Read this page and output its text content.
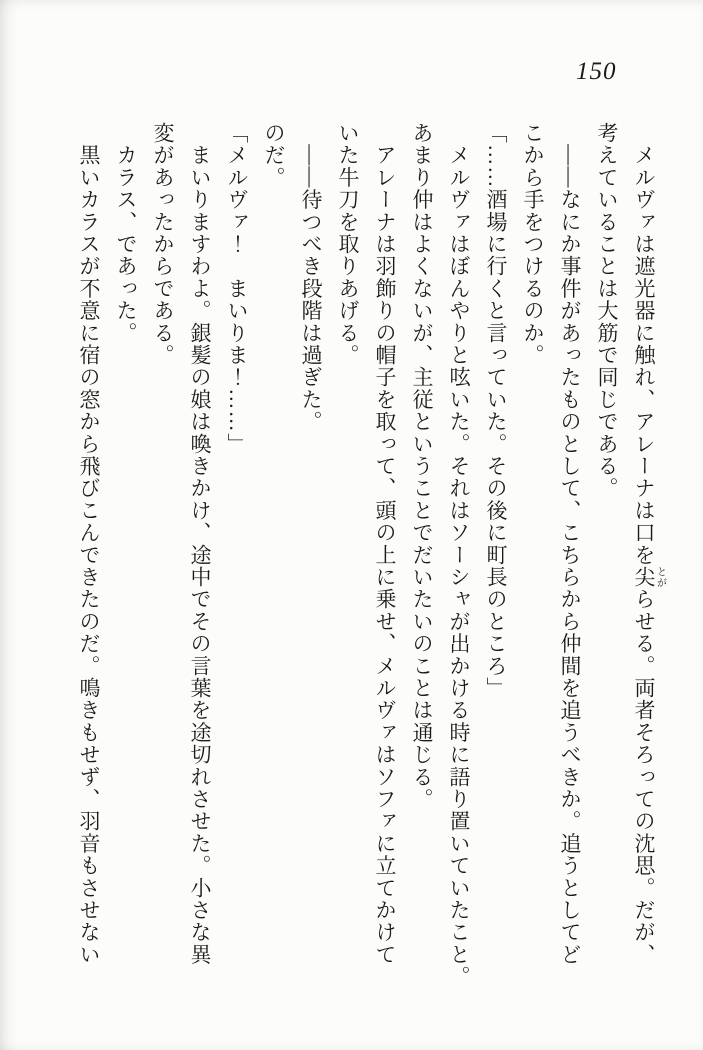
150
　メルヴァは遮光器に触れ、アレーナは口を尖とがらせる。両者そろっての沈思。だが、
考えていることは大筋で同じである。
　――なにか事件があったものとして、こちらから仲間を追うべきか。追うとしてど
こから手をつけるのか。
「……酒場に行くと言っていた。その後に町長のところ」
　メルヴァはぼんやりと呟いた。それはソーシャが出かける時に語り置いていたこと。
あまり仲はよくないが、主従ということでだいたいのことは通じる。
　アレーナは羽飾りの帽子を取って、頭の上に乗せ、メルヴァはソファに立てかけて
いた牛刀を取りあげる。
　――待つべき段階は過ぎた。
のだ。
「メルヴァ！　まいりま！……」
　まいりますわよ。銀髪の娘は喚きかけ、途中でその言葉を途切れさせた。小さな異
変があったからである。
　カラス、であった。
　黒いカラスが不意に宿の窓から飛びこんできたのだ。鳴きもせず、羽音もさせない
